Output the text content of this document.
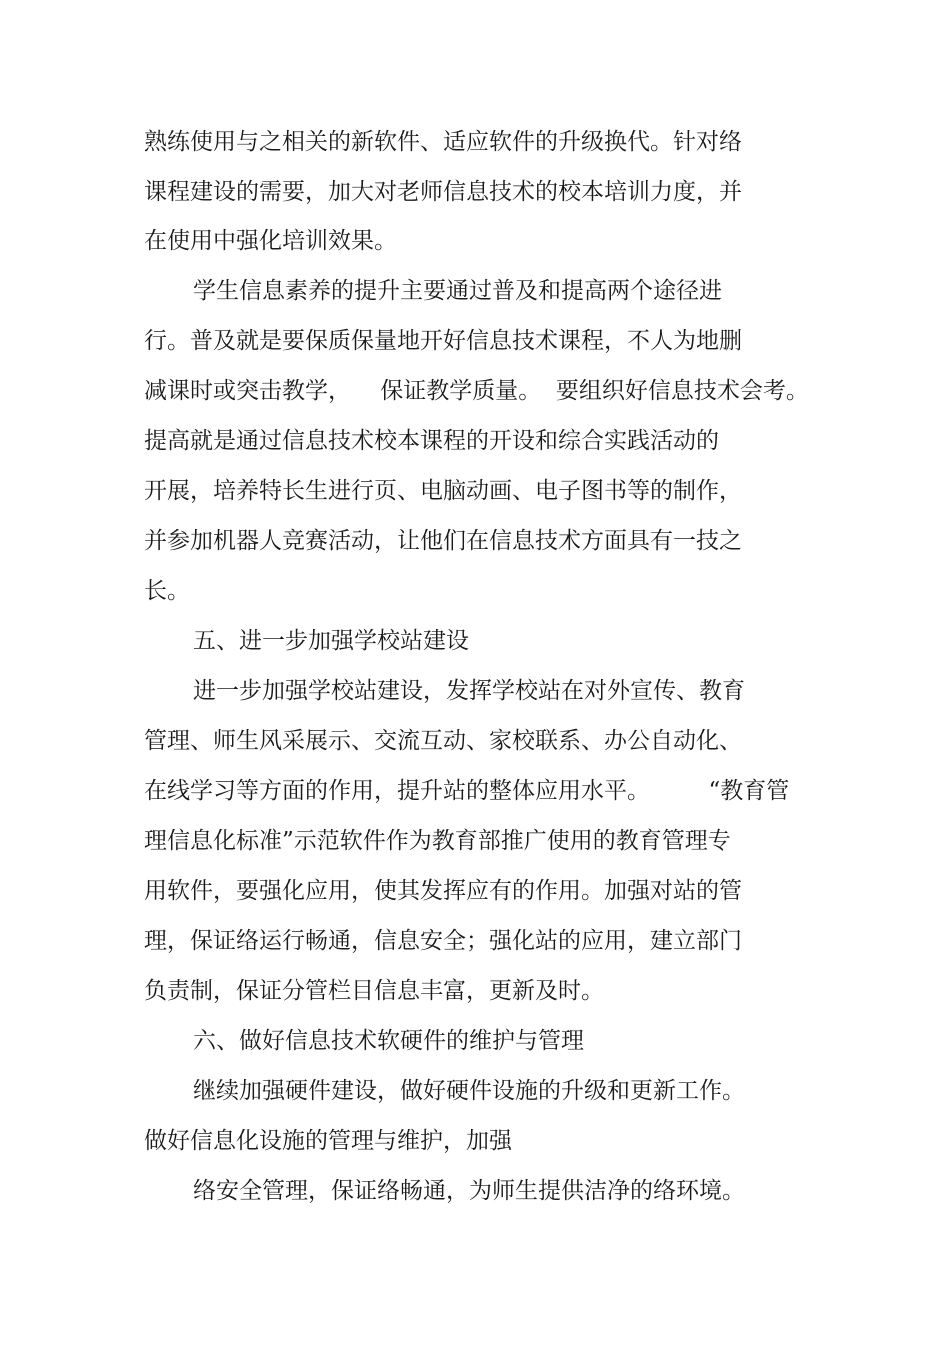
熟练使用与之相关的新软件、适应软件的升级换代。针对络
课程建设的需要，加大对老师信息技术的校本培训力度，并
在使用中强化培训效果。
学生信息素养的提升主要通过普及和提高两个途径进
行。普及就是要保质保量地开好信息技术课程，不人为地删
减课时或突击教学，    保证教学质量。  要组织好信息技术会考。
提高就是通过信息技术校本课程的开设和综合实践活动的
开展，培养特长生进行页、电脑动画、电子图书等的制作，
并参加机器人竞赛活动，让他们在信息技术方面具有一技之
长。
五、进一步加强学校站建设
进一步加强学校站建设，发挥学校站在对外宣传、教育
管理、师生风采展示、交流互动、家校联系、办公自动化、
在线学习等方面的作用，提升站的整体应用水平。        “教育管
理信息化标准”示范软件作为教育部推广使用的教育管理专
用软件，要强化应用，使其发挥应有的作用。加强对站的管
理，保证络运行畅通，信息安全；强化站的应用，建立部门
负责制，保证分管栏目信息丰富，更新及时。
六、做好信息技术软硬件的维护与管理
继续加强硬件建设，做好硬件设施的升级和更新工作。
做好信息化设施的管理与维护，加强
络安全管理，保证络畅通，为师生提供洁净的络环境。
